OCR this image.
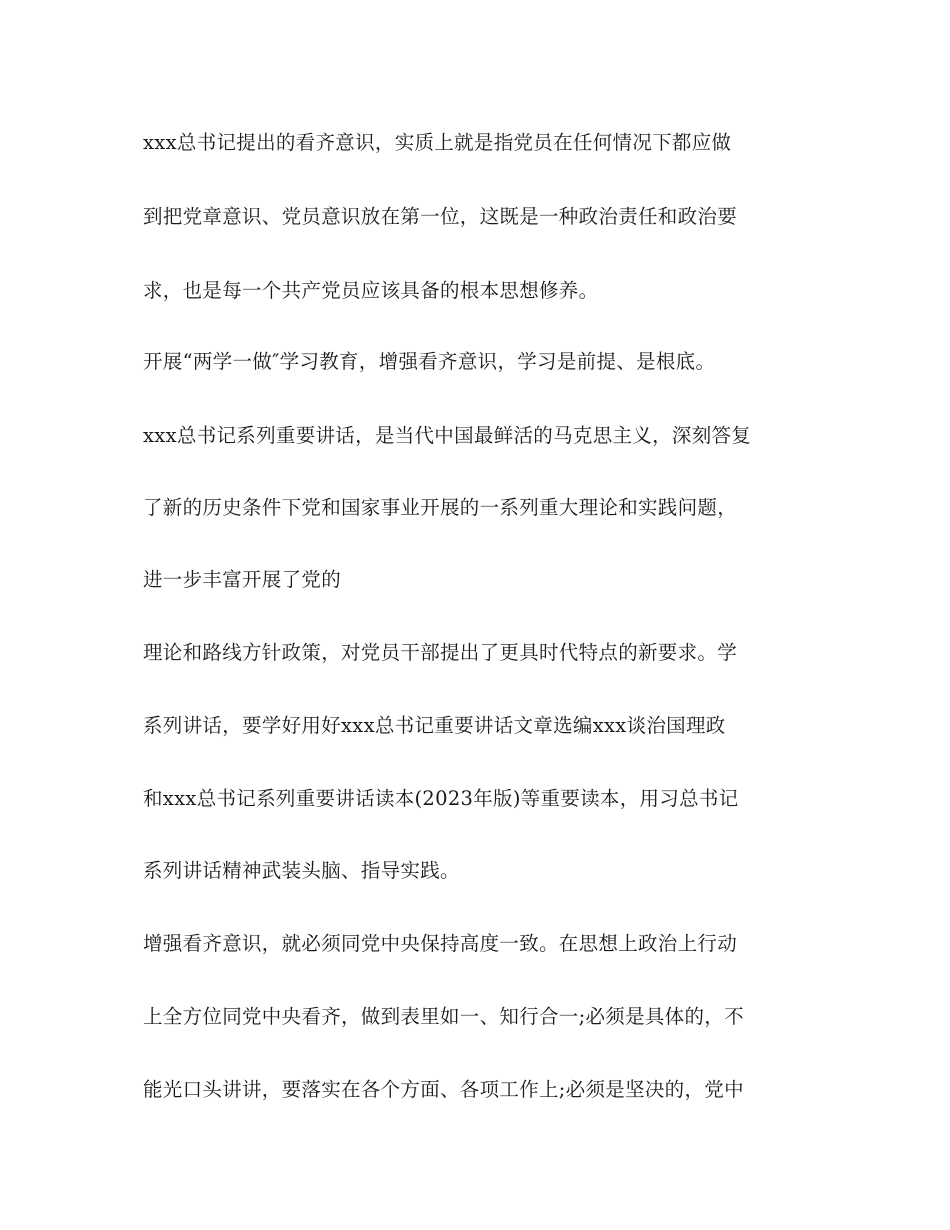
xxx总书记提出的看齐意识，实质上就是指党员在任何情况下都应做
到把党章意识、党员意识放在第一位，这既是一种政治责任和政治要
求，也是每一个共产党员应该具备的根本思想修养。
开展“两学一做″学习教育，增强看齐意识，学习是前提、是根底。
xxx总书记系列重要讲话，是当代中国最鲜活的马克思主义，深刻答复
了新的历史条件下党和国家事业开展的一系列重大理论和实践问题，
进一步丰富开展了党的
理论和路线方针政策，对党员干部提出了更具时代特点的新要求。学
系列讲话，要学好用好xxx总书记重要讲话文章选编xxx谈治国理政
和xxx总书记系列重要讲话读本(2023年版)等重要读本，用习总书记
系列讲话精神武装头脑、指导实践。
增强看齐意识，就必须同党中央保持高度一致。在思想上政治上行动
上全方位同党中央看齐，做到表里如一、知行合一;必须是具体的，不
能光口头讲讲，要落实在各个方面、各项工作上;必须是坚决的，党中
